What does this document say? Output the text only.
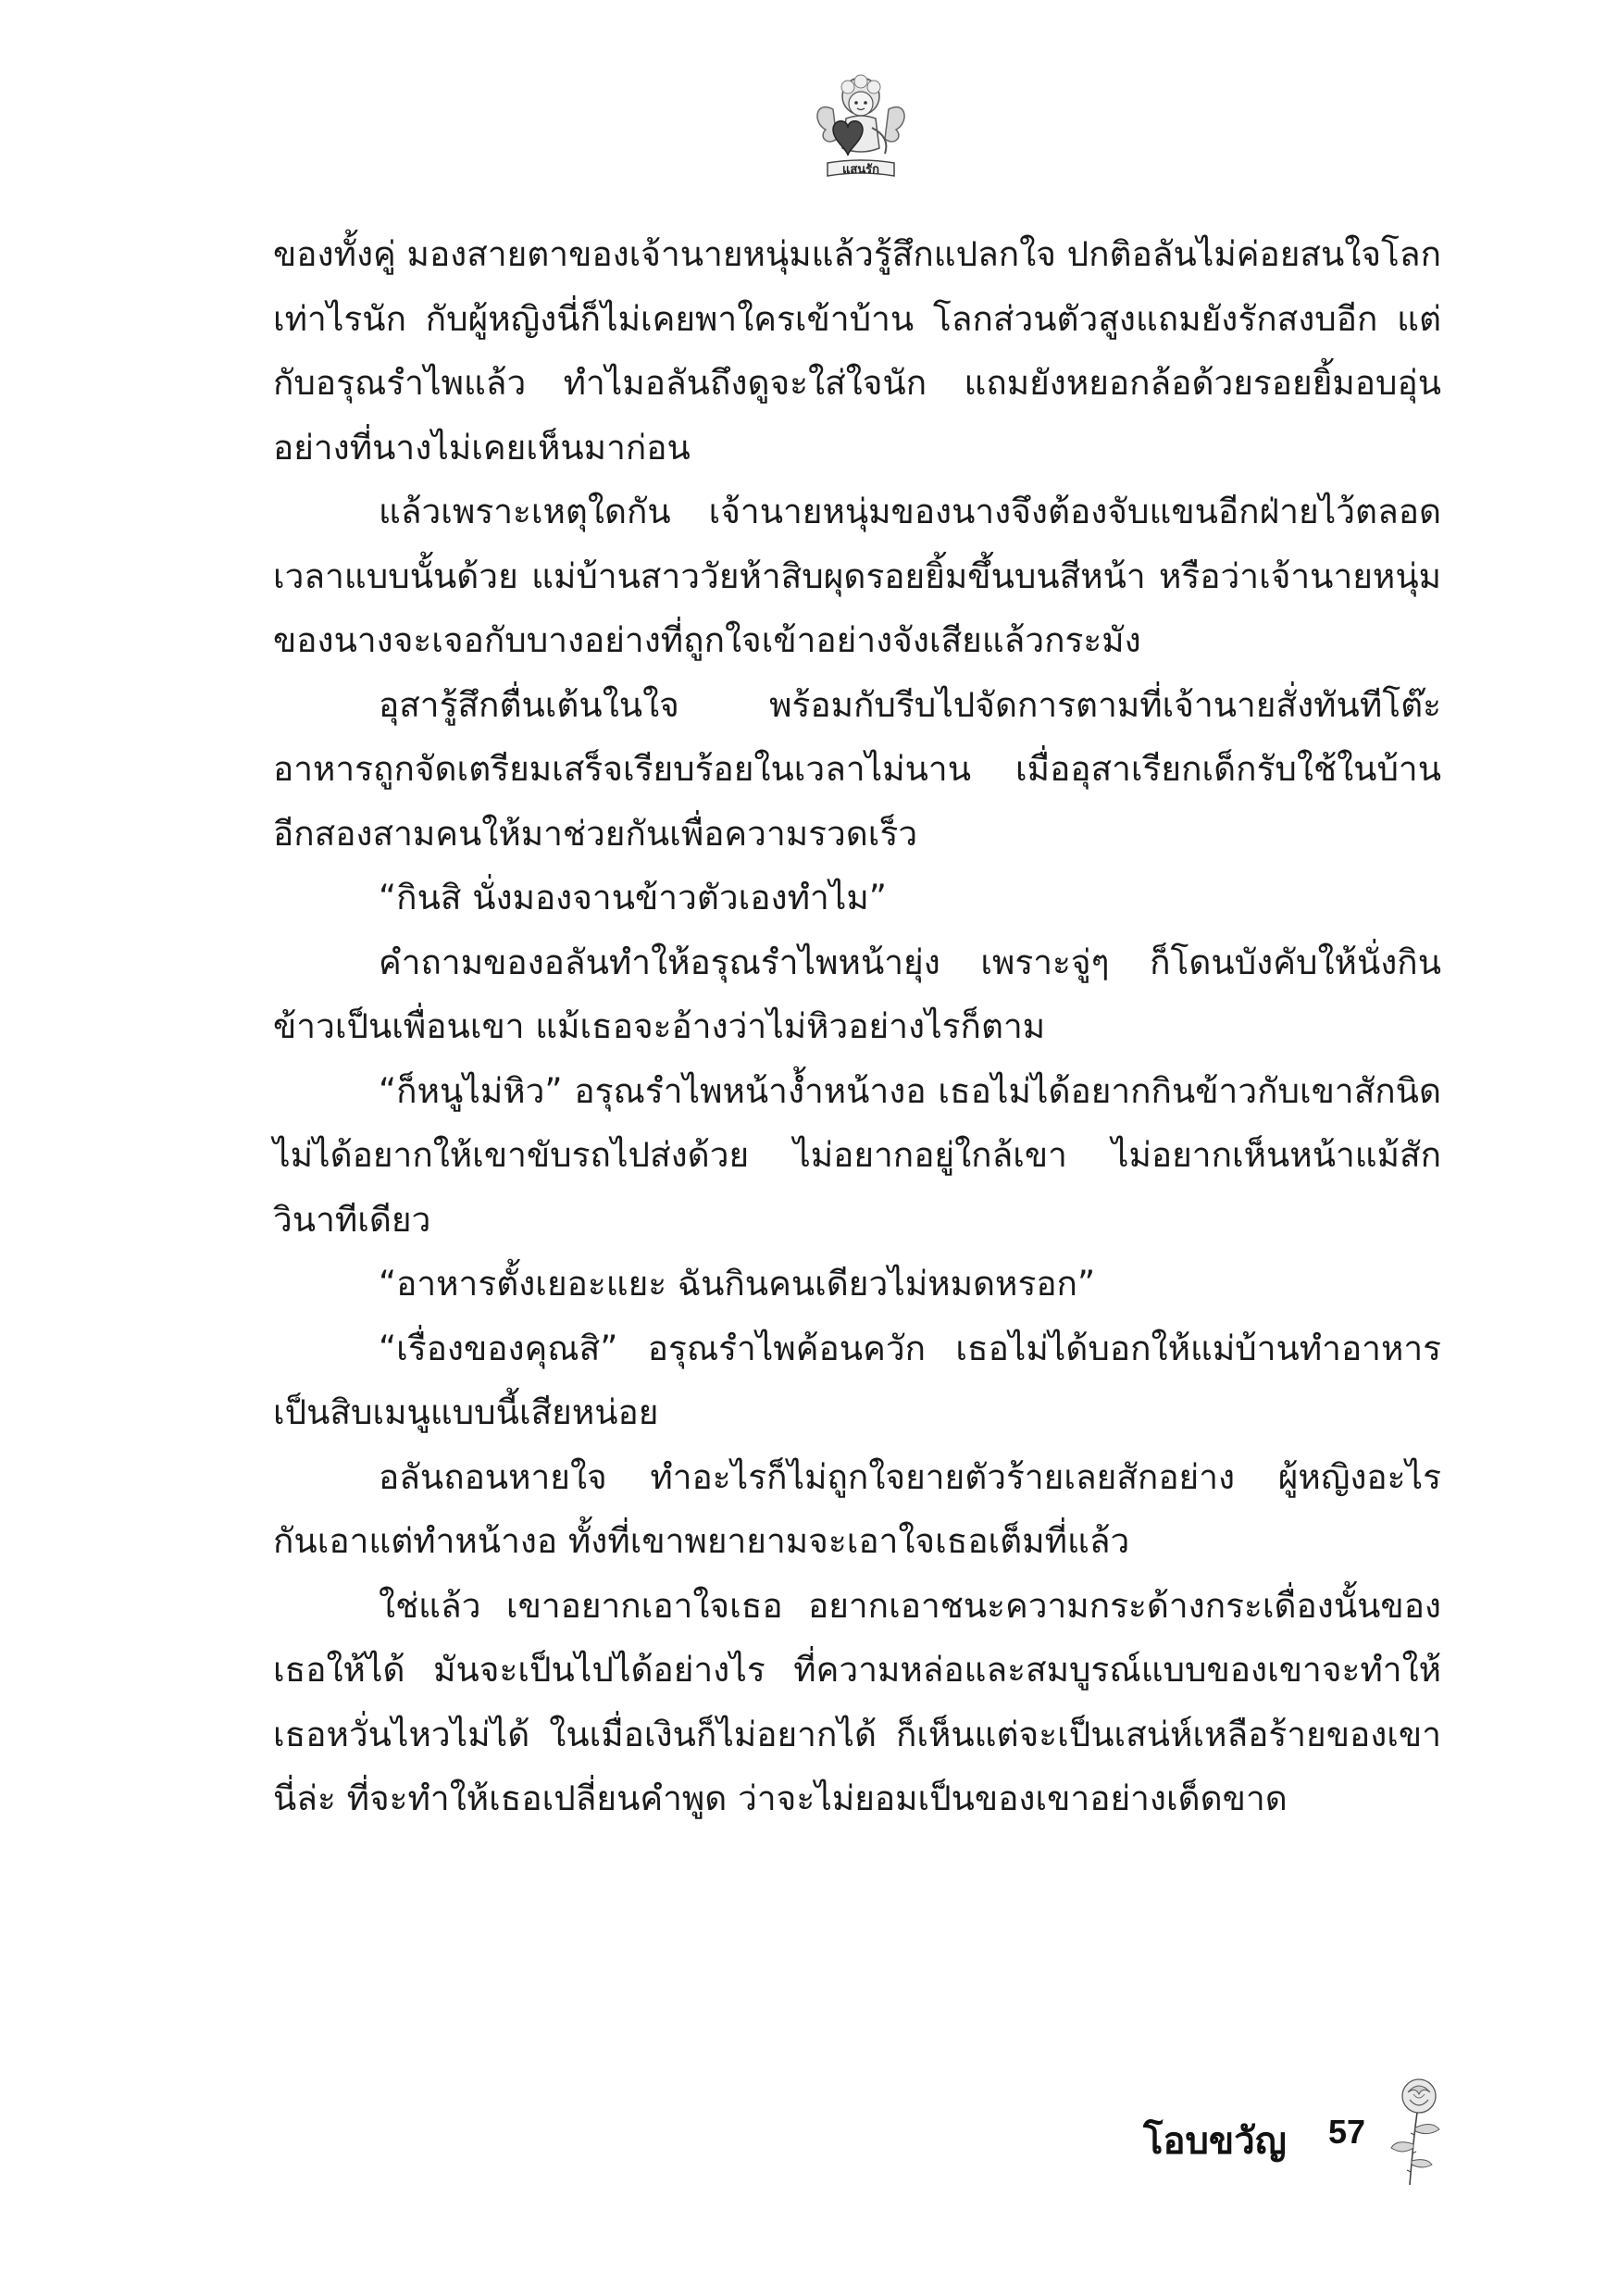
แสนรัก

ของทั้งคู่ มองสายตาของเจ้านายหนุ่มแล้วรู้สึกแปลกใจ ปกติอลันไม่ค่อยสนใจโลกเท่าไรนัก กับผู้หญิงนี่ก็ไม่เคยพาใครเข้าบ้าน โลกส่วนตัวสูงแถมยังรักสงบอีก แต่กับอรุณรำไพแล้ว ทำไมอลันถึงดูจะใส่ใจนัก แถมยังหยอกล้อด้วยรอยยิ้มอบอุ่นอย่างที่นางไม่เคยเห็นมาก่อน

แล้วเพราะเหตุใดกัน เจ้านายหนุ่มของนางจึงต้องจับแขนอีกฝ่ายไว้ตลอดเวลาแบบนั้นด้วย แม่บ้านสาววัยห้าสิบผุดรอยยิ้มขึ้นบนสีหน้า หรือว่าเจ้านายหนุ่มของนางจะเจอกับบางอย่างที่ถูกใจเข้าอย่างจังเสียแล้วกระมัง

อุสารู้สึกตื่นเต้นในใจ พร้อมกับรีบไปจัดการตามที่เจ้านายสั่งทันทีโต๊ะอาหารถูกจัดเตรียมเสร็จเรียบร้อยในเวลาไม่นาน เมื่ออุสาเรียกเด็กรับใช้ในบ้านอีกสองสามคนให้มาช่วยกันเพื่อความรวดเร็ว

“กินสิ นั่งมองจานข้าวตัวเองทำไม”

คำถามของอลันทำให้อรุณรำไพหน้ายุ่ง เพราะจู่ๆ ก็โดนบังคับให้นั่งกินข้าวเป็นเพื่อนเขา แม้เธอจะอ้างว่าไม่หิวอย่างไรก็ตาม

“ก็หนูไม่หิว” อรุณรำไพหน้างํ้าหน้างอ เธอไม่ได้อยากกินข้าวกับเขาสักนิด ไม่ได้อยากให้เขาขับรถไปส่งด้วย ไม่อยากอยู่ใกล้เขา ไม่อยากเห็นหน้าแม้สักวินาทีเดียว

“อาหารตั้งเยอะแยะ ฉันกินคนเดียวไม่หมดหรอก”

“เรื่องของคุณสิ” อรุณรำไพค้อนควัก เธอไม่ได้บอกให้แม่บ้านทำอาหารเป็นสิบเมนูแบบนี้เสียหน่อย

อลันถอนหายใจ ทำอะไรก็ไม่ถูกใจยายตัวร้ายเลยสักอย่าง ผู้หญิงอะไรกันเอาแต่ทำหน้างอ ทั้งที่เขาพยายามจะเอาใจเธอเต็มที่แล้ว

ใช่แล้ว เขาอยากเอาใจเธอ อยากเอาชนะความกระด้างกระเดื่องนั้นของเธอให้ได้ มันจะเป็นไปได้อย่างไร ที่ความหล่อและสมบูรณ์แบบของเขาจะทำให้เธอหวั่นไหวไม่ได้ ในเมื่อเงินก็ไม่อยากได้ ก็เห็นแต่จะเป็นเสน่ห์เหลือร้ายของเขานี่ล่ะ ที่จะทำให้เธอเปลี่ยนคำพูด ว่าจะไม่ยอมเป็นของเขาอย่างเด็ดขาด

โอบขวัญ 57
